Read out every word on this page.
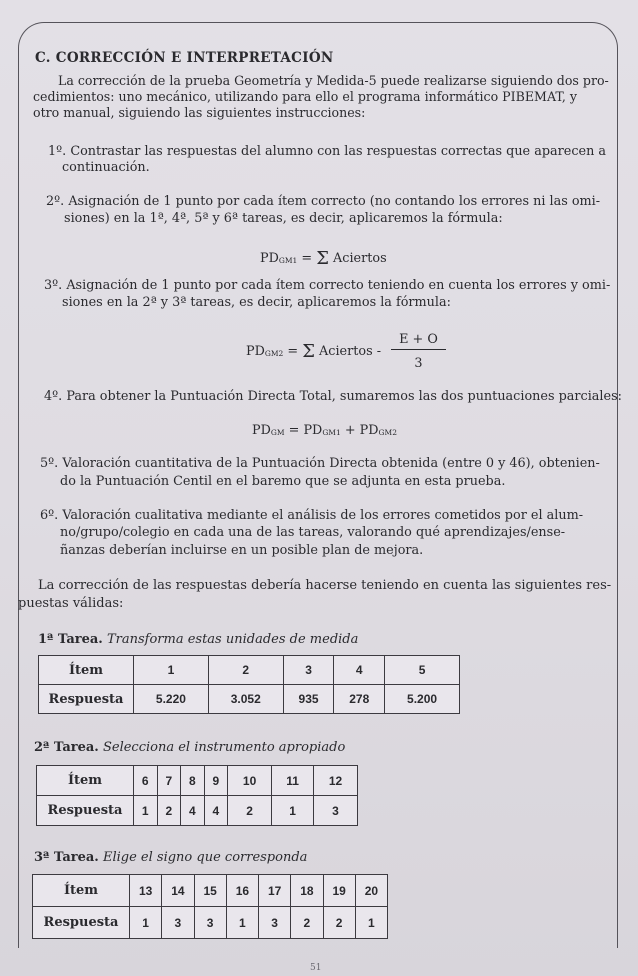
C. CORRECCIÓN E INTERPRETACIÓN
La corrección de la prueba Geometría y Medida-5 puede realizarse siguiendo dos pro-
cedimientos: uno mecánico, utilizando para ello el programa informático PIBEMAT, y
otro manual, siguiendo las siguientes instrucciones:
1º. Contrastar las respuestas del alumno con las respuestas correctas que aparecen a
continuación.
2º. Asignación de 1 punto por cada ítem correcto (no contando los errores ni las omi-
siones) en la 1ª, 4ª, 5ª y 6ª tareas, es decir, aplicaremos la fórmula:
PDGM1 = Σ Aciertos
3º. Asignación de 1 punto por cada ítem correcto teniendo en cuenta los errores y omi-
siones en la 2ª y 3ª tareas, es decir, aplicaremos la fórmula:
PDGM2 = Σ Aciertos - $\frac{E + O}{3}$
4º. Para obtener la Puntuación Directa Total, sumaremos las dos puntuaciones parciales:
PDGM = PDGM1 + PDGM2
5º. Valoración cuantitativa de la Puntuación Directa obtenida (entre 0 y 46), obtenien-
do la Puntuación Centil en el baremo que se adjunta en esta prueba.
6º. Valoración cualitativa mediante el análisis de los errores cometidos por el alum-
no/grupo/colegio en cada una de las tareas, valorando qué aprendizajes/ense-
ñanzas deberían incluirse en un posible plan de mejora.
La corrección de las respuestas debería hacerse teniendo en cuenta las siguientes res-
puestas válidas:
1ª Tarea. Transforma estas unidades de medida
Ítem	1	2	3	4	5
Respuesta	5.220	3.052	935	278	5.200
2ª Tarea. Selecciona el instrumento apropiado
Ítem	6	7	8	9	10	11	12
Respuesta	1	2	4	4	2	1	3
3ª Tarea. Elige el signo que corresponda
Ítem	13	14	15	16	17	18	19	20
Respuesta	1	3	3	1	3	2	2	1
51
